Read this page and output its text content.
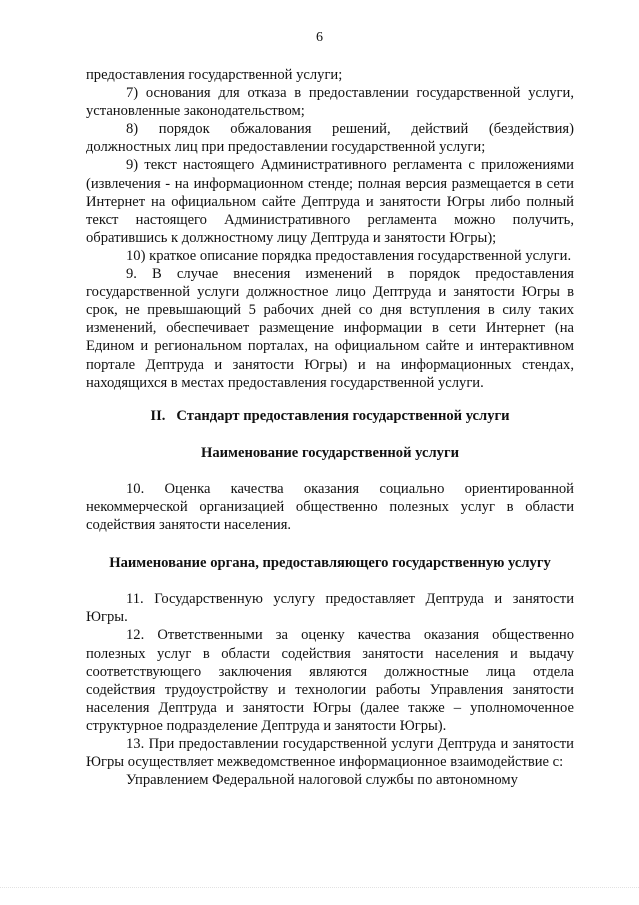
6

предоставления государственной услуги;

7) основания для отказа в предоставлении государственной услуги, установленные законодательством;

8) порядок обжалования решений, действий (бездействия) должностных лиц при предоставлении государственной услуги;

9) текст настоящего Административного регламента с приложениями (извлечения - на информационном стенде; полная версия размещается в сети Интернет на официальном сайте Дептруда и занятости Югры либо полный текст настоящего Административного регламента можно получить, обратившись к должностному лицу Дептруда и занятости Югры);

10) краткое описание порядка предоставления государственной услуги.

9. В случае внесения изменений в порядок предоставления государственной услуги должностное лицо Дептруда и занятости Югры в срок, не превышающий 5 рабочих дней со дня вступления в силу таких изменений, обеспечивает размещение информации в сети Интернет (на Едином и региональном порталах, на официальном сайте и интерактивном портале Дептруда и занятости Югры) и на информационных стендах, находящихся в местах предоставления государственной услуги.

II.   Стандарт предоставления государственной услуги

Наименование государственной услуги

10. Оценка качества оказания социально ориентированной некоммерческой организацией общественно полезных услуг в области содействия занятости населения.

Наименование органа, предоставляющего государственную услугу

11. Государственную услугу предоставляет Дептруда и занятости Югры.

12. Ответственными за оценку качества оказания общественно полезных услуг в области содействия занятости населения и выдачу соответствующего заключения являются должностные лица отдела содействия трудоустройству и технологии работы Управления занятости населения Дептруда и занятости Югры (далее также – уполномоченное структурное подразделение Дептруда и занятости Югры).

13. При предоставлении государственной услуги Дептруда и занятости Югры осуществляет межведомственное информационное взаимодействие с:

Управлением Федеральной налоговой службы по автономному
